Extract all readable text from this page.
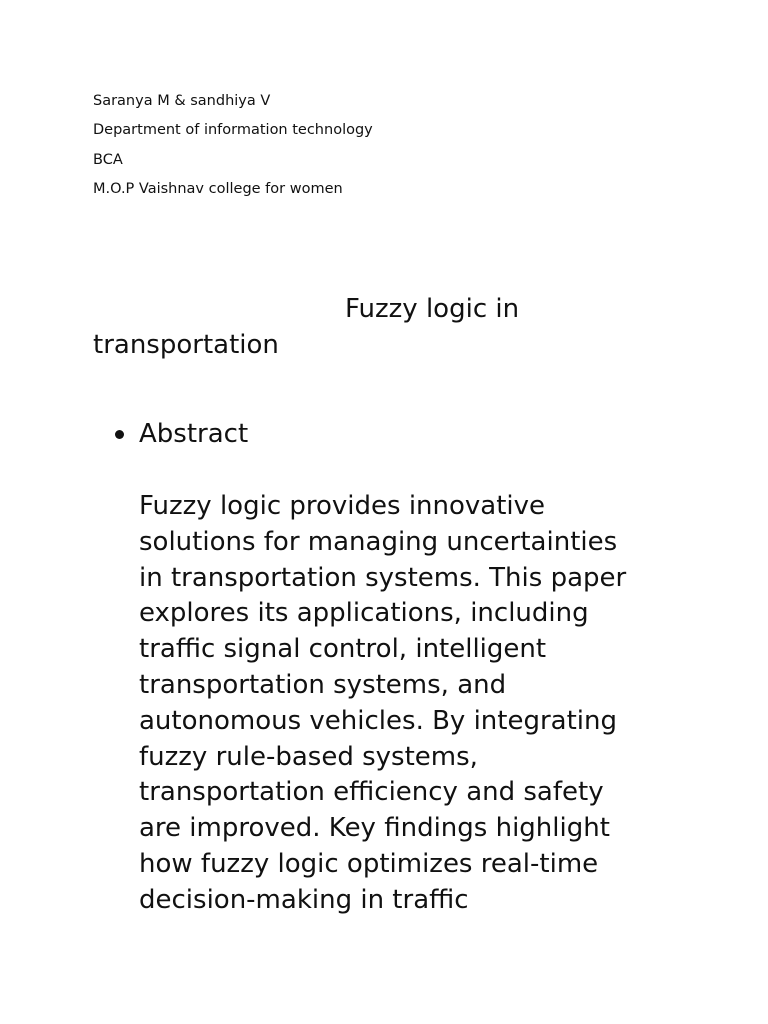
Saranya M & sandhiya V

Department of information technology

BCA

M.O.P Vaishnav college for women

Fuzzy logic in
transportation
Abstract

Fuzzy logic provides innovative

solutions for managing uncertainties

in transportation systems. This paper

explores its applications, including

traffic signal control, intelligent

transportation systems, and

autonomous vehicles. By integrating

fuzzy rule-based systems,

transportation efficiency and safety

are improved. Key findings highlight

how fuzzy logic optimizes real-time

decision-making in traffic
